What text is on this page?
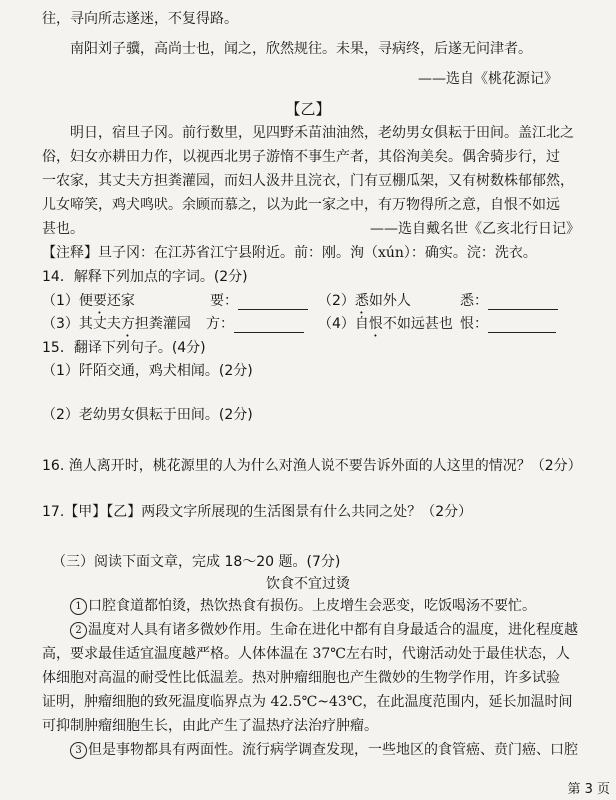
往，寻向所志遂迷，不复得路。
南阳刘子骥，高尚士也，闻之，欣然规往。未果，寻病终，后遂无问津者。
——选自《桃花源记》
【乙】
明日，宿旦子冈。前行数里，见四野禾苗油油然，老幼男女俱耘于田间。盖江北之
俗，妇女亦耕田力作，以视西北男子游惰不事生产者，其俗洵美矣。偶舍骑步行，过
一农家，其丈夫方担粪灌园，而妇人汲井且浣衣，门有豆棚瓜架，又有树数株郁郁然，
儿女啼笑，鸡犬鸣吠。余顾而慕之，以为此一家之中，有万物得所之意，自恨不如远
甚也。	——选自戴名世《乙亥北行日记》
【注释】旦子冈：在江苏省江宁县附近。前：刚。洵（xún）：确实。浣：洗衣。
14．解释下列加点的字词。(2分)
（1）便要还家	要：	（2）悉如外人	悉：
（3）其丈夫方担粪灌园 方：	（4）自恨不如远甚也 恨：
15．翻译下列句子。(4分)
（1）阡陌交通，鸡犬相闻。(2分)
（2）老幼男女俱耘于田间。(2分)
16. 渔人离开时，桃花源里的人为什么对渔人说不要告诉外面的人这里的情况？（2分）
17.【甲】【乙】两段文字所展现的生活图景有什么共同之处？（2分）
（三）阅读下面文章，完成 18～20 题。(7分)
饮食不宜过烫
1 口腔食道都怕烫，热饮热食有损伤。上皮增生会恶变，吃饭喝汤不要忙。
2 温度对人具有诸多微妙作用。生命在进化中都有自身最适合的温度，进化程度越
高，要求最佳适宜温度越严格。人体体温在 37℃左右时，代谢活动处于最佳状态，人
体细胞对高温的耐受性比低温差。热对肿瘤细胞也产生微妙的生物学作用，许多试验
证明，肿瘤细胞的致死温度临界点为 42.5℃~43℃，在此温度范围内，延长加温时间
可抑制肿瘤细胞生长，由此产生了温热疗法治疗肿瘤。
3 但是事物都具有两面性。流行病学调查发现，一些地区的食管癌、贲门癌、口腔
第 3 页
